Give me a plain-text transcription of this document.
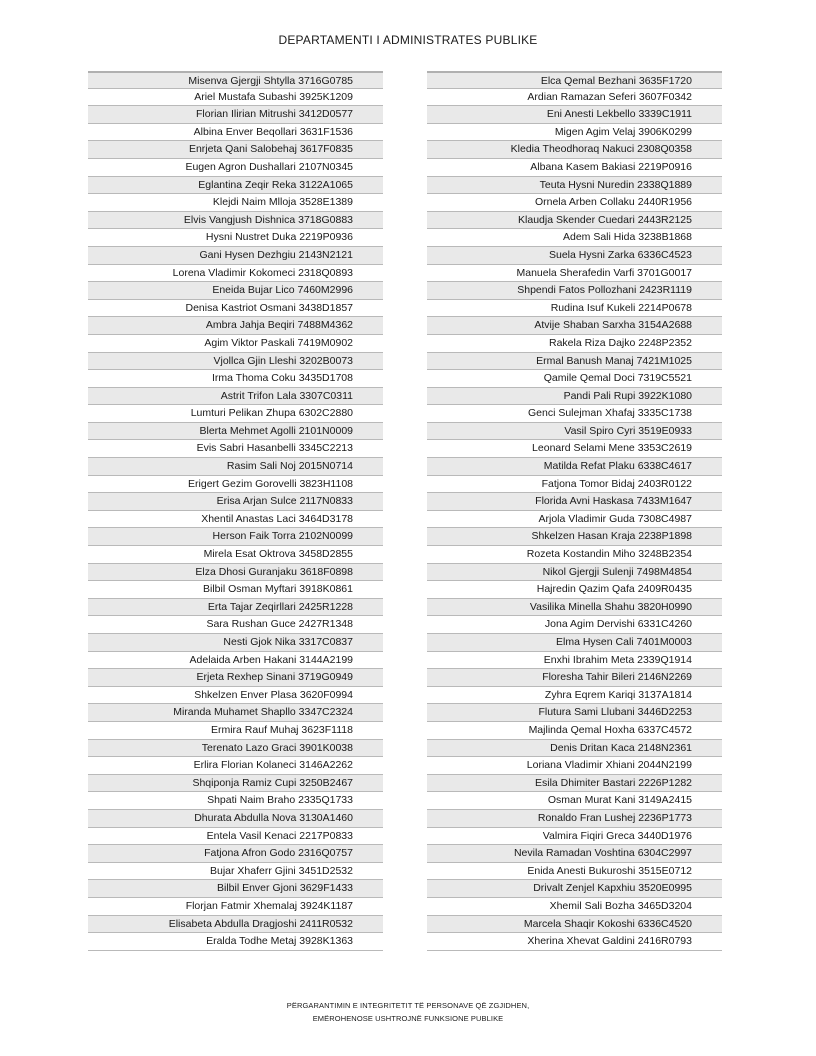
DEPARTAMENTI I ADMINISTRATES PUBLIKE
Misenva Gjergji Shtylla 3716G0785
Ariel Mustafa Subashi 3925K1209
Florian Ilirian Mitrushi 3412D0577
Albina Enver Beqollari 3631F1536
Enrjeta Qani Salobehaj 3617F0835
Eugen Agron Dushallari 2107N0345
Eglantina Zeqir Reka 3122A1065
Klejdi Naim Mlloja 3528E1389
Elvis Vangjush Dishnica 3718G0883
Hysni Nustret Duka 2219P0936
Gani Hysen Dezhgiu 2143N2121
Lorena Vladimir Kokomeci 2318Q0893
Eneida Bujar Lico 7460M2996
Denisa Kastriot Osmani 3438D1857
Ambra Jahja Beqiri 7488M4362
Agim Viktor Paskali 7419M0902
Vjollca Gjin Lleshi 3202B0073
Irma Thoma Coku 3435D1708
Astrit Trifon Lala 3307C0311
Lumturi Pelikan Zhupa 6302C2880
Blerta Mehmet Agolli 2101N0009
Evis Sabri Hasanbelli 3345C2213
Rasim Sali Noj 2015N0714
Erigert Gezim Gorovelli 3823H1108
Erisa Arjan Sulce 2117N0833
Xhentil Anastas Laci 3464D3178
Herson Faik Torra 2102N0099
Mirela Esat Oktrova 3458D2855
Elza Dhosi Guranjaku 3618F0898
Bilbil Osman Myftari 3918K0861
Erta Tajar Zeqirllari 2425R1228
Sara Rushan Guce 2427R1348
Nesti Gjok Nika 3317C0837
Adelaida Arben Hakani 3144A2199
Erjeta Rexhep Sinani 3719G0949
Shkelzen Enver Plasa 3620F0994
Miranda Muhamet Shapllo 3347C2324
Ermira Rauf Muhaj 3623F1118
Terenato Lazo Graci 3901K0038
Erlira Florian Kolaneci 3146A2262
Shqiponja Ramiz Cupi 3250B2467
Shpati Naim Braho 2335Q1733
Dhurata Abdulla Nova 3130A1460
Entela Vasil Kenaci 2217P0833
Fatjona Afron Godo 2316Q0757
Bujar Xhaferr Gjini 3451D2532
Bilbil Enver Gjoni 3629F1433
Florjan Fatmir Xhemalaj 3924K1187
Elisabeta Abdulla Dragjoshi 2411R0532
Eralda Todhe Metaj 3928K1363
Elca Qemal Bezhani 3635F1720
Ardian Ramazan Seferi 3607F0342
Eni Anesti Lekbello 3339C1911
Migen Agim Velaj 3906K0299
Kledia Theodhoraq Nakuci 2308Q0358
Albana Kasem Bakiasi 2219P0916
Teuta Hysni Nuredin 2338Q1889
Ornela Arben Collaku 2440R1956
Klaudja Skender Cuedari 2443R2125
Adem Sali Hida 3238B1868
Suela Hysni Zarka 6336C4523
Manuela Sherafedin Varfi 3701G0017
Shpendi Fatos Pollozhani 2423R1119
Rudina Isuf Kukeli 2214P0678
Atvije Shaban Sarxha 3154A2688
Rakela Riza Dajko 2248P2352
Ermal Banush Manaj 7421M1025
Qamile Qemal Doci 7319C5521
Pandi Pali Rupi 3922K1080
Genci Sulejman Xhafaj 3335C1738
Vasil Spiro Cyri 3519E0933
Leonard Selami Mene 3353C2619
Matilda Refat Plaku 6338C4617
Fatjona Tomor Bidaj 2403R0122
Florida Avni Haskasa 7433M1647
Arjola Vladimir Guda 7308C4987
Shkelzen Hasan Kraja 2238P1898
Rozeta Kostandin Miho 3248B2354
Nikol Gjergji Sulenji 7498M4854
Hajredin Qazim Qafa 2409R0435
Vasilika Minella Shahu 3820H0990
Jona Agim Dervishi 6331C4260
Elma Hysen Cali 7401M0003
Enxhi Ibrahim Meta 2339Q1914
Floresha Tahir Bileri 2146N2269
Zyhra Eqrem Kariqi 3137A1814
Flutura Sami Llubani 3446D2253
Majlinda Qemal Hoxha 6337C4572
Denis Dritan Kaca 2148N2361
Loriana Vladimir Xhiani 2044N2199
Esila Dhimiter Bastari 2226P1282
Osman Murat Kani 3149A2415
Ronaldo Fran Lushej 2236P1773
Valmira Fiqiri Greca 3440D1976
Nevila Ramadan Voshtina 6304C2997
Enida Anesti Bukuroshi 3515E0712
Drivalt Zenjel Kapxhiu 3520E0995
Xhemil Sali Bozha 3465D3204
Marcela Shaqir Kokoshi 6336C4520
Xherina Xhevat Galdini 2416R0793
PËRGARANTIMIN E INTEGRITETIT TË PERSONAVE QË ZGJIDHEN,
EMËROHENOSE USHTROJNË FUNKSIONE PUBLIKE
